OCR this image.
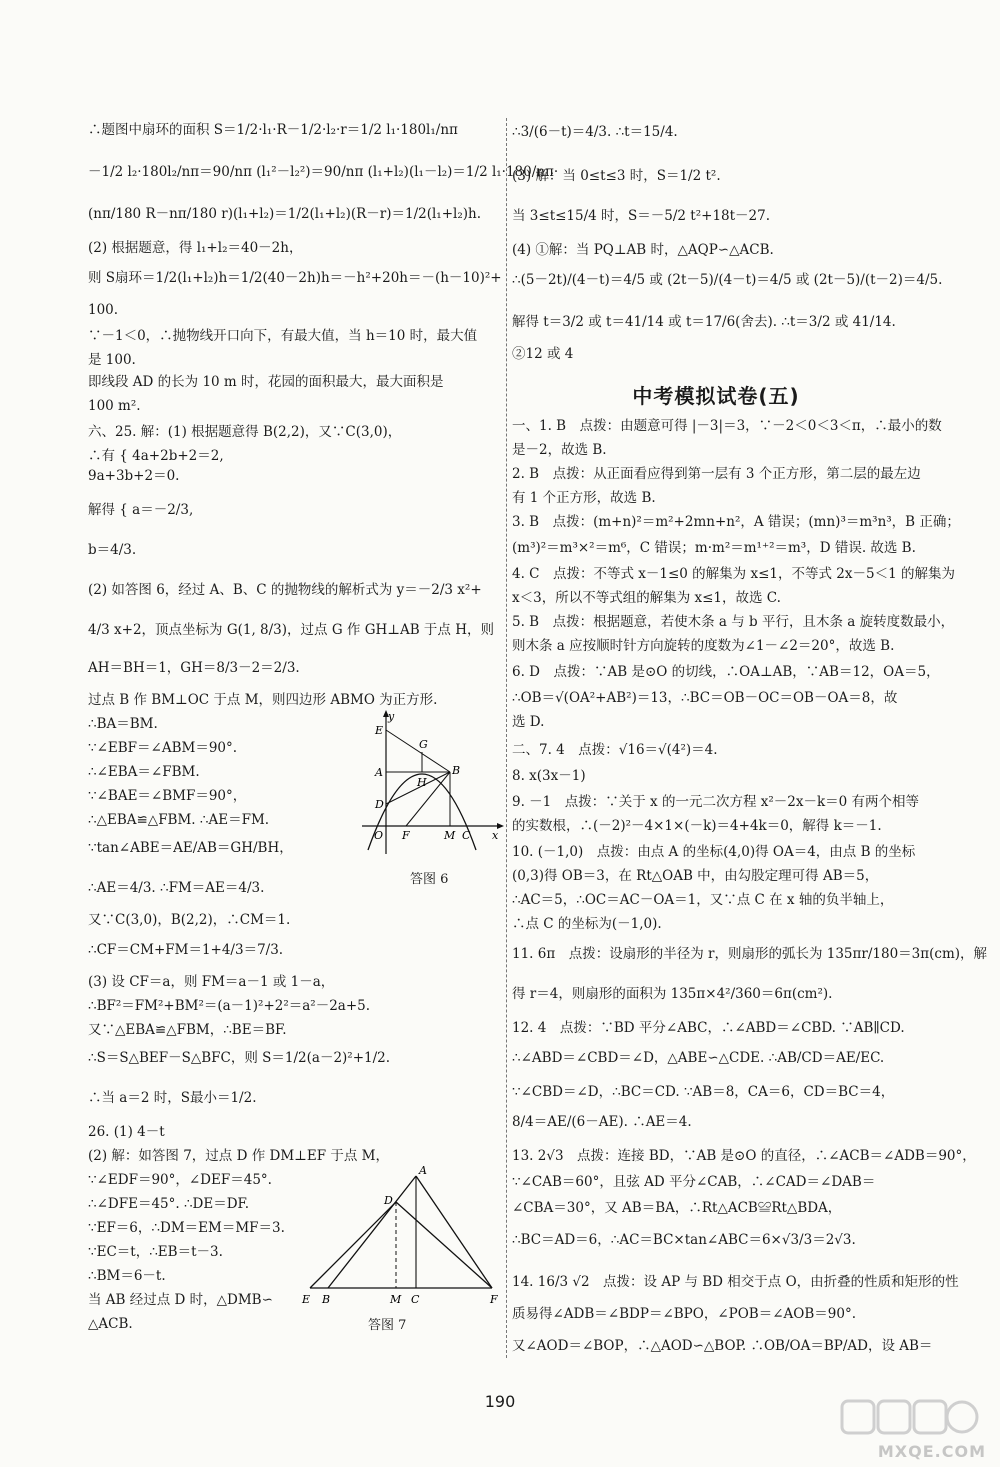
∴题图中扇环的面积 S＝1/2·l₁·R－1/2·l₂·r＝1/2 l₁·180l₁/nπ
－1/2 l₂·180l₂/nπ＝90/nπ (l₁²－l₂²)＝90/nπ (l₁+l₂)(l₁－l₂)＝1/2 l₁·180/nπ·
(nπ/180 R－nπ/180 r)(l₁+l₂)＝1/2(l₁+l₂)(R－r)＝1/2(l₁+l₂)h.
(2) 根据题意，得 l₁+l₂＝40－2h，
则 S扇环＝1/2(l₁+l₂)h＝1/2(40－2h)h＝－h²+20h＝－(h－10)²+
100.
∵－1＜0，∴抛物线开口向下，有最大值，当 h＝10 时，最大值
是 100.
即线段 AD 的长为 10 m 时，花园的面积最大，最大面积是
100 m².
六、25. 解：(1) 根据题意得 B(2,2)，又∵C(3,0)，
∴有 { 4a+2b+2＝2,
9a+3b+2＝0.
解得 { a＝－2/3,
b＝4/3.
(2) 如答图 6，经过 A、B、C 的抛物线的解析式为 y＝－2/3 x²+
4/3 x+2，顶点坐标为 G(1, 8/3)，过点 G 作 GH⊥AB 于点 H，则
AH＝BH＝1，GH＝8/3－2＝2/3.
过点 B 作 BM⊥OC 于点 M，则四边形 ABMO 为正方形.
∴BA＝BM.
∵∠EBF＝∠ABM＝90°.
∴∠EBA＝∠FBM.
∵∠BAE＝∠BMF＝90°，
∴△EBA≌△FBM. ∴AE＝FM.
∵tan∠ABE＝AE/AB＝GH/BH，
∴AE＝4/3. ∴FM＝AE＝4/3.
又∵C(3,0)，B(2,2)，∴CM＝1.
∴CF＝CM+FM＝1+4/3＝7/3.
(3) 设 CF＝a，则 FM＝a－1 或 1－a，
∴BF²＝FM²+BM²＝(a－1)²+2²＝a²－2a+5.
又∵△EBA≌△FBM，∴BE＝BF.
∴S＝S△BEF－S△BFC，则 S＝1/2(a－2)²+1/2.
∴当 a＝2 时，S最小＝1/2.
26. (1) 4－t
(2) 解：如答图 7，过点 D 作 DM⊥EF 于点 M，
∵∠EDF＝90°，∠DEF＝45°.
∴∠DFE＝45°. ∴DE＝DF.
∵EF＝6，∴DM＝EM＝MF＝3.
∵EC＝t，∴EB＝t－3.
∴BM＝6－t.
当 AB 经过点 D 时，△DMB∽
△ACB.
中考模拟试卷(五)
∴3/(6－t)＝4/3. ∴t＝15/4.
(3) 解：当 0≤t≤3 时，S＝1/2 t².
当 3≤t≤15/4 时，S＝－5/2 t²+18t－27.
(4) ①解：当 PQ⊥AB 时，△AQP∽△ACB.
∴(5－2t)/(4－t)＝4/5 或 (2t－5)/(4－t)＝4/5 或 (2t－5)/(t－2)＝4/5.
解得 t＝3/2 或 t＝41/14 或 t＝17/6(舍去). ∴t＝3/2 或 41/14.
②12 或 4
一、1. B　点拨：由题意可得 |－3|＝3，∵－2＜0＜3＜π，∴最小的数
是－2，故选 B.
2. B　点拨：从正面看应得到第一层有 3 个正方形，第二层的最左边
有 1 个正方形，故选 B.
3. B　点拨：(m+n)²＝m²+2mn+n²，A 错误；(mn)³＝m³n³，B 正确；
(m³)²＝m³×²＝m⁶，C 错误；m·m²＝m¹⁺²＝m³，D 错误. 故选 B.
4. C　点拨：不等式 x－1≤0 的解集为 x≤1，不等式 2x－5＜1 的解集为
x＜3，所以不等式组的解集为 x≤1，故选 C.
5. B　点拨：根据题意，若使木条 a 与 b 平行，且木条 a 旋转度数最小，
则木条 a 应按顺时针方向旋转的度数为∠1－∠2＝20°，故选 B.
6. D　点拨：∵AB 是⊙O 的切线，∴OA⊥AB，∵AB＝12，OA＝5，
∴OB＝√(OA²+AB²)＝13，∴BC＝OB－OC＝OB－OA＝8，故
选 D.
二、7. 4　点拨：√16＝√(4²)＝4.
8. x(3x－1)
9. －1　点拨：∵关于 x 的一元二次方程 x²－2x－k＝0 有两个相等
的实数根，∴(－2)²－4×1×(－k)＝4+4k＝0，解得 k＝－1.
10. (－1,0)　点拨：由点 A 的坐标(4,0)得 OA＝4，由点 B 的坐标
(0,3)得 OB＝3，在 Rt△OAB 中，由勾股定理可得 AB＝5，
∴AC＝5，∴OC＝AC－OA＝1，又∵点 C 在 x 轴的负半轴上，
∴点 C 的坐标为(－1,0).
11. 6π　点拨：设扇形的半径为 r，则扇形的弧长为 135πr/180＝3π(cm)，解
得 r＝4，则扇形的面积为 135π×4²/360＝6π(cm²).
12. 4　点拨：∵BD 平分∠ABC，∴∠ABD＝∠CBD. ∵AB∥CD.
∴∠ABD＝∠CBD＝∠D，△ABE∽△CDE. ∴AB/CD＝AE/EC.
∵∠CBD＝∠D，∴BC＝CD. ∵AB＝8，CA＝6，CD＝BC＝4，
8/4＝AE/(6－AE). ∴AE＝4.
13. 2√3　点拨：连接 BD，∵AB 是⊙O 的直径，∴∠ACB＝∠ADB＝90°，
∵∠CAB＝60°，且弦 AD 平分∠CAB，∴∠CAD＝∠DAB＝
∠CBA＝30°，又 AB＝BA，∴Rt△ACB≌Rt△BDA，
∴BC＝AD＝6，∴AC＝BC×tan∠ABC＝6×√3/3＝2√3.
14. 16/3 √2　点拨：设 AP 与 BD 相交于点 O，由折叠的性质和矩形的性
质易得∠ADB＝∠BDP＝∠BPO，∠POB＝∠AOB＝90°.
又∠AOD＝∠BOP，∴△AOD∽△BOP. ∴OB/OA＝BP/AD，设 AB＝
y
E
G
A
H
B
D
O F	M C x
答图 6
A
D
E B	M C	F
答图 7
190
MXQE.COM
